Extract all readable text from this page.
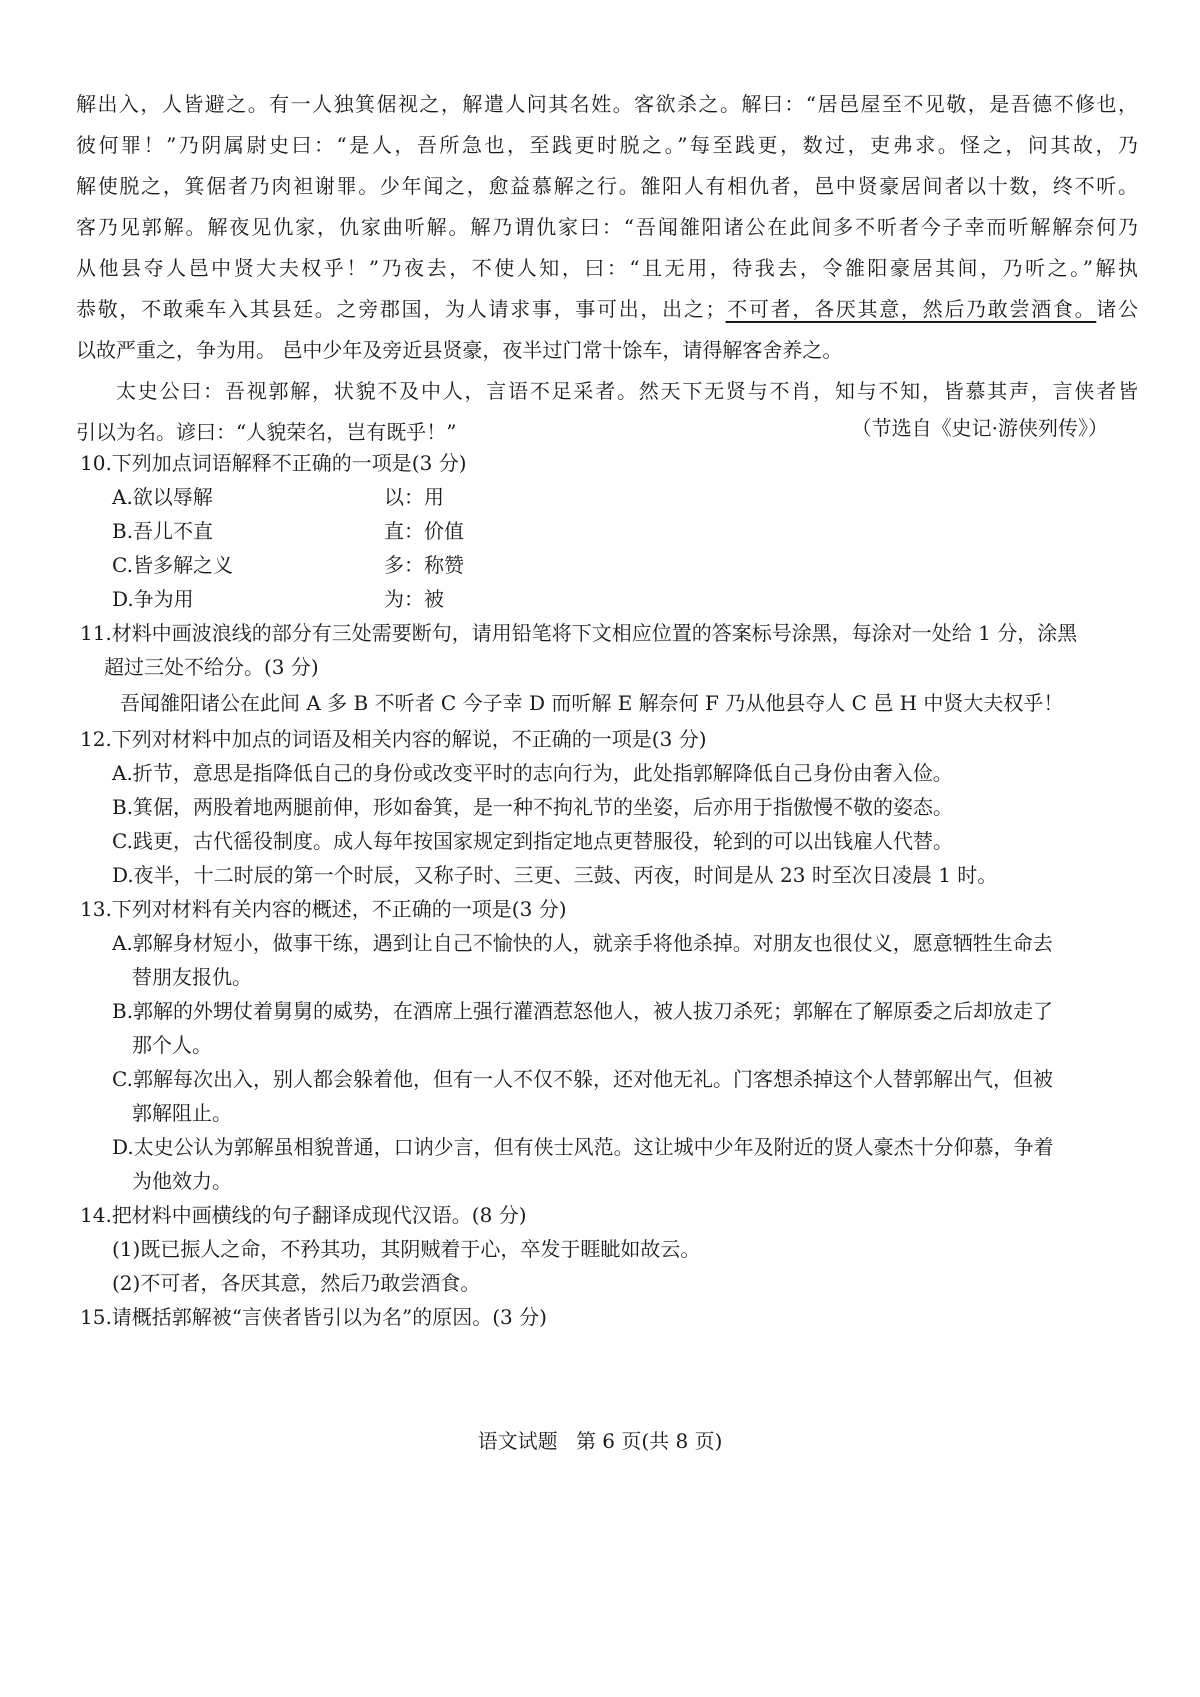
解出入，人皆避之。有一人独箕倨视之，解遣人问其名姓。客欲杀之。解曰：“居邑屋至不见敬，是吾德不修也，
彼何罪！”乃阴属尉史曰：“是人，吾所急也，至践更时脱之。”每至践更，数过，吏弗求。怪之，问其故，乃
解使脱之，箕倨者乃肉袒谢罪。少年闻之，愈益慕解之行。雒阳人有相仇者，邑中贤豪居间者以十数，终不听。
客乃见郭解。解夜见仇家，仇家曲听解。解乃谓仇家曰：“吾闻雒阳诸公在此间多不听者今子幸而听解解奈何乃
从他县夺人邑中贤大夫权乎！”乃夜去，不使人知，曰：“且无用，待我去，令雒阳豪居其间，乃听之。”解执
恭敬，不敢乘车入其县廷。之旁郡国，为人请求事，事可出，出之；不可者，各厌其意，然后乃敢尝酒食。诸公
以故严重之，争为用。 邑中少年及旁近县贤豪，夜半过门常十馀车，请得解客舍养之。
太史公曰：吾视郭解，状貌不及中人，言语不足采者。然天下无贤与不肖，知与不知，皆慕其声，言侠者皆
引以为名。谚曰：“人貌荣名，岂有既乎！”	（节选自《史记·游侠列传》）
10.下列加点词语解释不正确的一项是(3 分)
A.欲以辱解	以：用
B.吾儿不直	直：价值
C.皆多解之义	多：称赞
D.争为用	为：被
11.材料中画波浪线的部分有三处需要断句，请用铅笔将下文相应位置的答案标号涂黑，每涂对一处给 1 分，涂黑
超过三处不给分。(3 分)
吾闻雒阳诸公在此间 A 多 B 不听者 C 今子幸 D 而听解 E 解奈何 F 乃从他县夺人 C 邑 H 中贤大夫权乎！
12.下列对材料中加点的词语及相关内容的解说，不正确的一项是(3 分)
A.折节，意思是指降低自己的身份或改变平时的志向行为，此处指郭解降低自己身份由奢入俭。
B.箕倨，两股着地两腿前伸，形如畚箕，是一种不拘礼节的坐姿，后亦用于指傲慢不敬的姿态。
C.践更，古代徭役制度。成人每年按国家规定到指定地点更替服役，轮到的可以出钱雇人代替。
D.夜半，十二时辰的第一个时辰，又称子时、三更、三鼓、丙夜，时间是从 23 时至次日凌晨 1 时。
13.下列对材料有关内容的概述，不正确的一项是(3 分)
A.郭解身材短小，做事干练，遇到让自己不愉快的人，就亲手将他杀掉。对朋友也很仗义，愿意牺牲生命去
替朋友报仇。
B.郭解的外甥仗着舅舅的威势，在酒席上强行灌酒惹怒他人，被人拔刀杀死；郭解在了解原委之后却放走了
那个人。
C.郭解每次出入，别人都会躲着他，但有一人不仅不躲，还对他无礼。门客想杀掉这个人替郭解出气，但被
郭解阻止。
D.太史公认为郭解虽相貌普通，口讷少言，但有侠士风范。这让城中少年及附近的贤人豪杰十分仰慕，争着
为他效力。
14.把材料中画横线的句子翻译成现代汉语。(8 分)
(1)既已振人之命，不矜其功，其阴贼着于心，卒发于睚眦如故云。
(2)不可者，各厌其意，然后乃敢尝酒食。
15.请概括郭解被“言侠者皆引以为名”的原因。(3 分)
语文试题 第 6 页(共 8 页)
